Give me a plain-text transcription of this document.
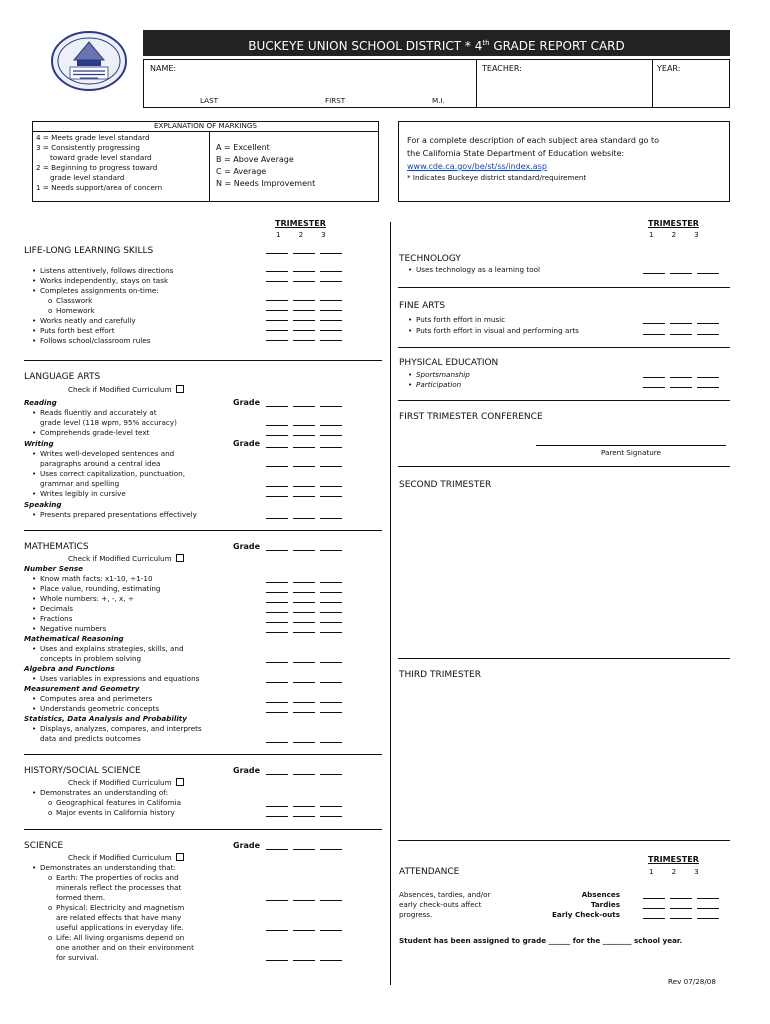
BUCKEYE UNION SCHOOL DISTRICT * 4th GRADE REPORT CARD
NAME:	TEACHER:	YEAR:
LAST	FIRST	M.I.
EXPLANATION OF MARKINGS
4 = Meets grade level standard
3 = Consistently progressing
toward grade level standard
2 = Beginning to progress toward
grade level standard
1 = Needs support/area of concern
A = Excellent
B = Above Average
C = Average
N = Needs Improvement
For a complete description of each subject area standard go to
the California State Department of Education website:
www.cde.ca.gov/be/st/ss/index.asp
* Indicates Buckeye district standard/requirement
TRIMESTER
1	2	3
LIFE-LONG LEARNING SKILLS
• Listens attentively, follows directions
• Works independently, stays on task
• Completes assignments on-time:
o Classwork
o Homework
• Works neatly and carefully
• Puts forth best effort
• Follows school/classroom rules
LANGUAGE ARTS
Check if Modified Curriculum
Reading	Grade
• Reads fluently and accurately at
grade level (118 wpm, 95% accuracy)
• Comprehends grade-level text
Writing	Grade
• Writes well-developed sentences and
paragraphs around a central idea
• Uses correct capitalization, punctuation,
grammar and spelling
• Writes legibly in cursive
Speaking
• Presents prepared presentations effectively
MATHEMATICS	Grade
Check if Modified Curriculum
Number Sense
• Know math facts: x1-10, ÷1-10
• Place value, rounding, estimating
• Whole numbers: +, -, x, ÷
• Decimals
• Fractions
• Negative numbers
Mathematical Reasoning
• Uses and explains strategies, skills, and
concepts in problem solving
Algebra and Functions
• Uses variables in expressions and equations
Measurement and Geometry
• Computes area and perimeters
• Understands geometric concepts
Statistics, Data Analysis and Probability
• Displays, analyzes, compares, and interprets
data and predicts outcomes
HISTORY/SOCIAL SCIENCE	Grade
Check if Modified Curriculum
• Demonstrates an understanding of:
o Geographical features in California
o Major events in California history
SCIENCE	Grade
Check if Modified Curriculum
• Demonstrates an understanding that:
o Earth: The properties of rocks and
minerals reflect the processes that
formed them.
o Physical: Electricity and magnetism
are related effects that have many
useful applications in everyday life.
o Life: All living organisms depend on
one another and on their environment
for survival.
TRIMESTER
1	2	3
TECHNOLOGY
• Uses technology as a learning tool
FINE ARTS
• Puts forth effort in music
• Puts forth effort in visual and performing arts
PHYSICAL EDUCATION
• Sportsmanship
• Participation
FIRST TRIMESTER CONFERENCE
Parent Signature
SECOND TRIMESTER
THIRD TRIMESTER
TRIMESTER
1	2	3
ATTENDANCE
Absences, tardies, and/or
early check-outs affect
progress.
Absences
Tardies
Early Check-outs
Student has been assigned to grade ______ for the ________ school year.
Rev 07/28/08
